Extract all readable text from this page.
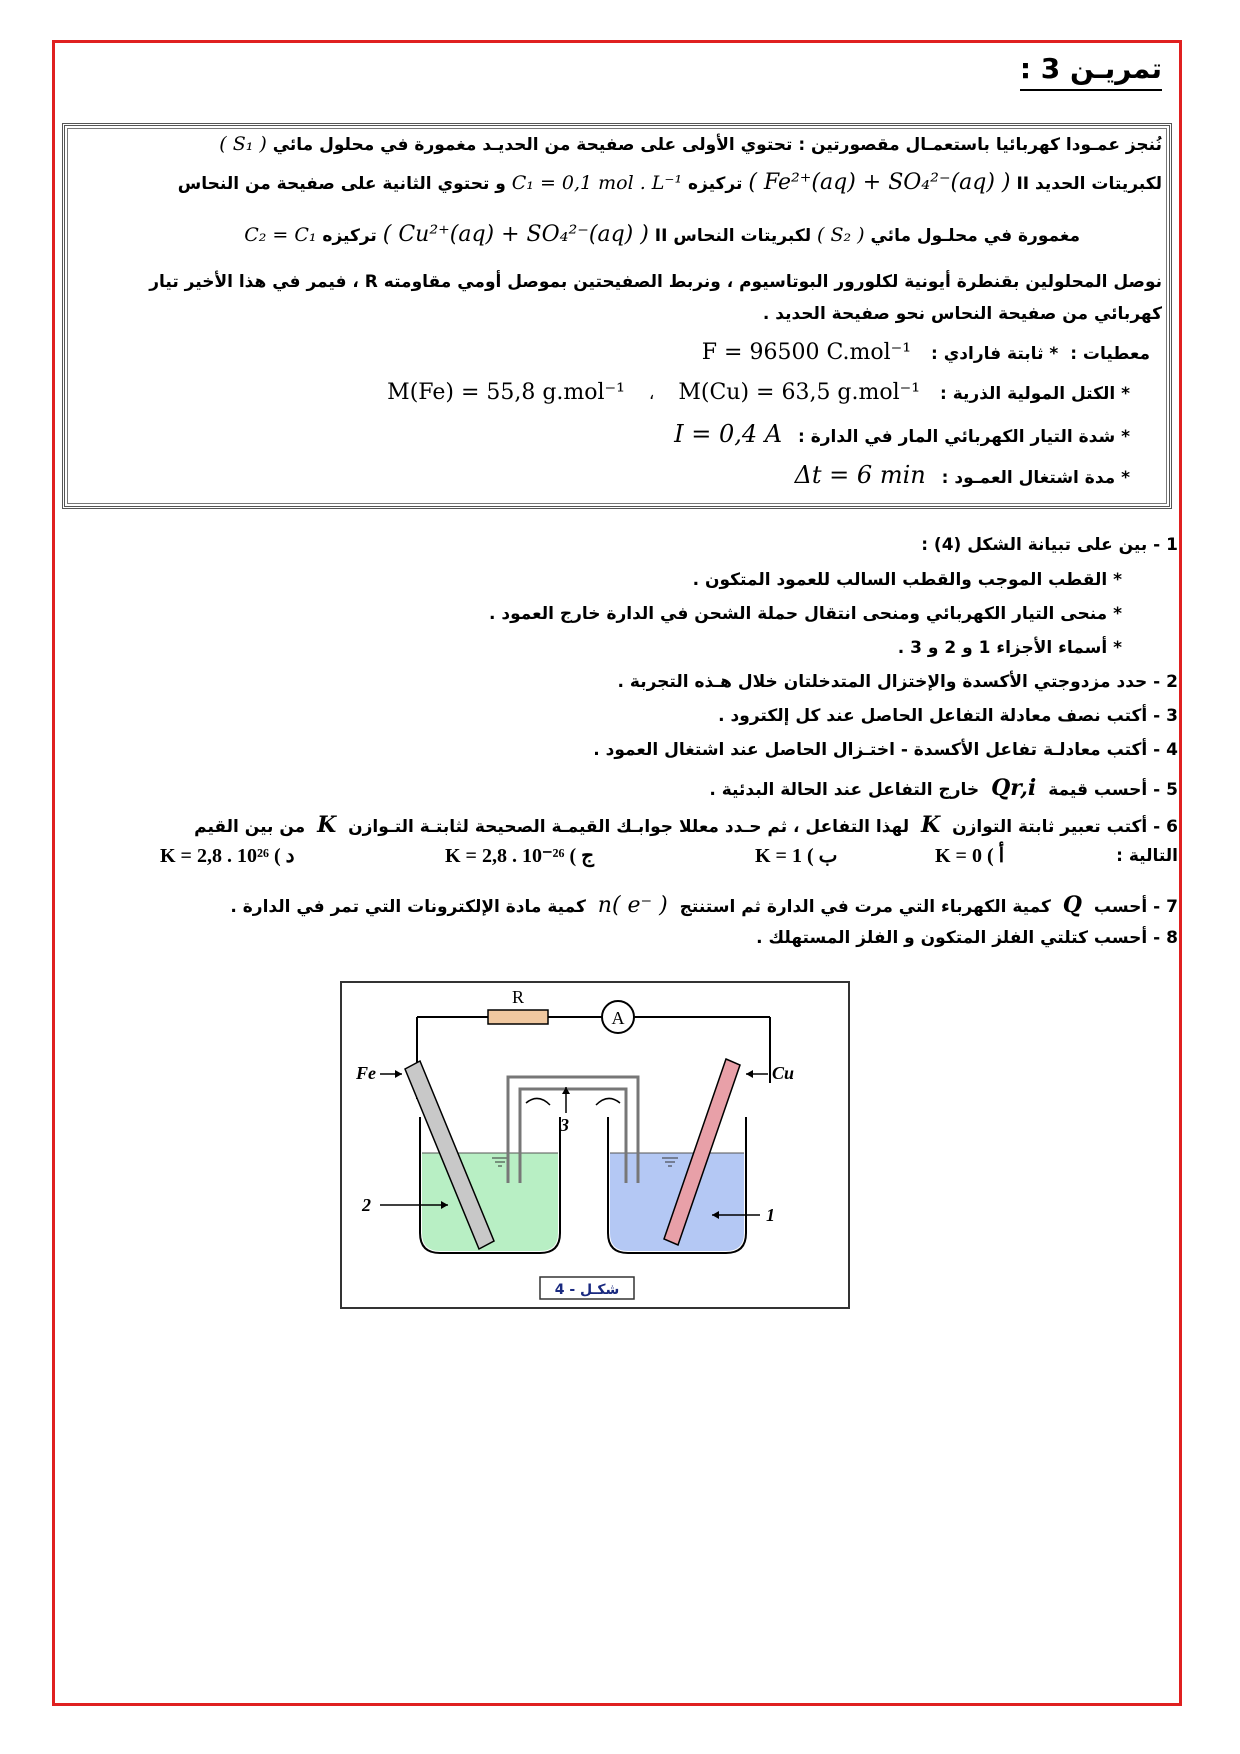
تمريـن 3 :
نُنجز عمـودا كهربائيا باستعمـال مقصورتين : تحتوي الأولى على صفيحة من الحديـد مغمورة في محلول مائي ( S₁ )
لكبريتات الحديد II ( Fe²⁺(aq) + SO₄²⁻(aq) ) تركيزه C₁ = 0,1 mol . L⁻¹ و تحتوي الثانية على صفيحة من النحاس
مغمورة في محلـول مائي ( S₂ ) لكبريتات النحاس II ( Cu²⁺(aq) + SO₄²⁻(aq) ) تركيزه C₂ = C₁
نوصل المحلولين بقنطرة أيونية لكلورور البوتاسيوم ، ونربط الصفيحتين بموصل أومي مقاومته R ، فيمر في هذا الأخير تيار
كهربائي من صفيحة النحاس نحو صفيحة الحديد .
معطيات : * ثابتة فارادي : F = 96500 C.mol⁻¹
* الكتل المولية الذرية : M(Cu) = 63,5 g.mol⁻¹ ، M(Fe) = 55,8 g.mol⁻¹
* شدة التيار الكهربائي المار في الدارة : I = 0,4 A
* مدة اشتغال العمـود : Δt = 6 min
1 - بين على تبيانة الشكل (4) :
* القطب الموجب والقطب السالب للعمود المتكون .
* منحى التيار الكهربائي ومنحى انتقال حملة الشحن في الدارة خارج العمود .
* أسماء الأجزاء 1 و 2 و 3 .
2 - حدد مزدوجتي الأكسدة والإختزال المتدخلتان خلال هـذه التجربة .
3 - أكتب نصف معادلة التفاعل الحاصل عند كل إلكترود .
4 - أكتب معادلـة تفاعل الأكسدة - اختـزال الحاصل عند اشتغال العمود .
5 - أحسب قيمة Qr,i خارج التفاعل عند الحالة البدئية .
6 - أكتب تعبير ثابتة التوازن K لهذا التفاعل ، ثم حـدد معللا جوابـك القيمـة الصحيحة لثابتـة التـوازن K من بين القيم
التالية :
K = 0 ( أ
K = 1 ( ب
K = 2,8 . 10⁻²⁶ ( ج
K = 2,8 . 10²⁶ ( د
7 - أحسب Q كمية الكهرباء التي مرت في الدارة ثم استنتج n( e⁻ ) كمية مادة الإلكترونات التي تمر في الدارة .
8 - أحسب كتلتي الفلز المتكون و الفلز المستهلك .
R
A
Fe	Cu
2	1
3
شكـل - 4
